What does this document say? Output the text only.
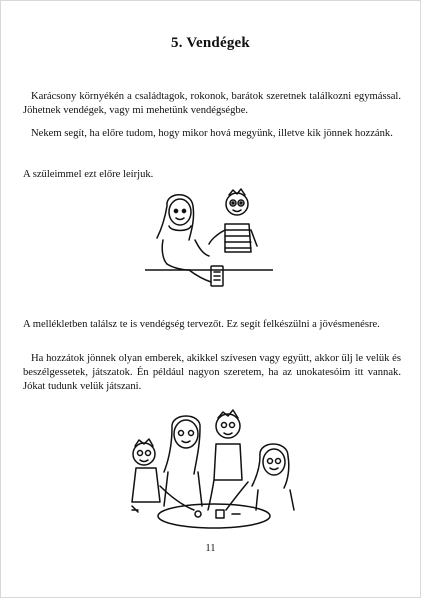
5. Vendégek

Karácsony környékén a családtagok, rokonok, barátok szeretnek találkozni egymással. Jöhetnek vendégek, vagy mi mehetünk vendégségbe.

Nekem segít, ha előre tudom, hogy mikor hová megyünk, illetve kik jönnek hozzánk.

A szüleimmel ezt előre leírjuk.

A mellékletben találsz te is vendégség tervezőt. Ez segít felkészülni a jövésmenésre.

Ha hozzátok jönnek olyan emberek, akikkel szívesen vagy együtt, akkor ülj le velük és beszélgessetek, játszatok. Én például nagyon szeretem, ha az unokatesóim itt vannak. Jókat tudunk velük játszani.

11
